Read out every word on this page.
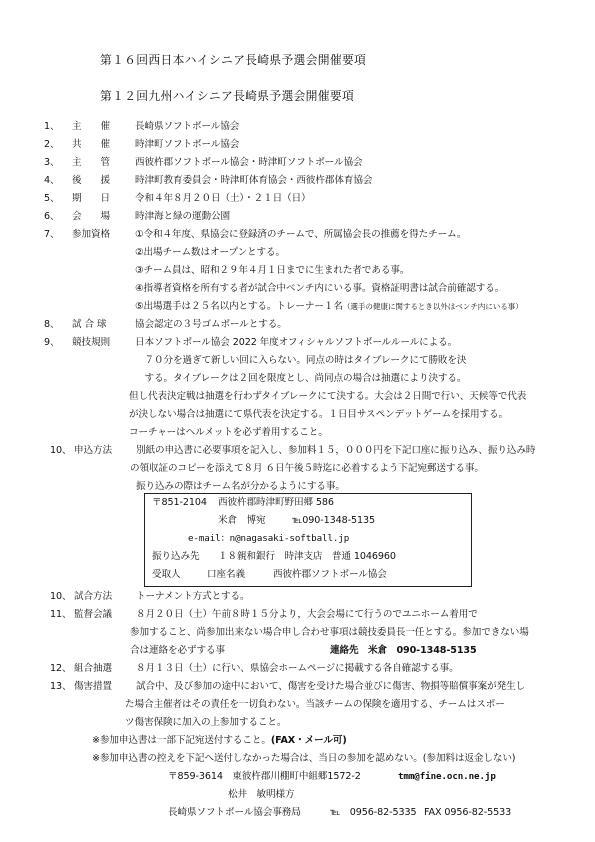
第１６回西日本ハイシニア長崎県予選会開催要項
第１２回九州ハイシニア長崎県予選会開催要項
1、 主　　催	長崎県ソフトボール協会
2、 共　　催	時津町ソフトボール協会
3、 主　　管	西彼杵郡ソフトボール協会・時津町ソフトボール協会
4、 後　　援	時津町教育委員会・時津町体育協会・西彼杵郡体育協会
5、 期　　日	令和４年８月２０日（土）・２１日（日）
6、 会　　場	時津海と緑の運動公園
7、 参加資格	①令和４年度、県協会に登録済のチームで、所属協会長の推薦を得たチーム。
②出場チーム数はオープンとする。
③チーム員は、昭和２９年４月１日までに生まれた者である事。
④指導者資格を所有する者が試合中ベンチ内にいる事。資格証明書は試合前確認する。
⑤出場選手は２５名以内とする。トレーナー１名（選手の健康に関するとき以外はベンチ内にいる事）
8、 試 合 球	協会認定の３号ゴムボールとする。
9、 競技規則	日本ソフトボール協会 2022 年度オフィシャルソフトボールルールによる。
　７０分を過ぎて新しい回に入らない。同点の時はタイブレークにて勝敗を決
　する。タイブレークは２回を限度とし、尚同点の場合は抽選により決する。
但し代表決定戦は抽選を行わずタイブレークにて決する。大会は２日間で行い、天候等で代表
が決しない場合は抽選にて県代表を決定する。１日目サスペンデットゲームを採用する。
コーチャーはヘルメットを必ず着用すること。
10、 申込方法	別紙の申込書に必要事項を記入し、参加料１５，０００円を下記口座に振り込み、振り込み時
の領収証のコピーを添えて８月 ６日午後５時迄に必着するよう下記宛郵送する事。
振り込みの際はチーム名が分かるようにする事。
〒851-2104 西彼杵郡時津町野田郷 586
米倉　博宛	℡090-1348-5135
e-mail：n@nagasaki-softball.jp
振り込み先 １８親和銀行　時津支店　普通 1046960
受取人	口座名義	西彼杵郡ソフトボール協会
10、 試合方法	トーナメント方式とする。
11、 監督会議	８月２０日（土）午前８時１５分より，大会会場にて行うのでユニホーム着用で
参加すること、尚参加出来ない場合申し合わせ事項は競技委員長一任とする。参加できない場
合は連絡を必ずする事	連絡先　米倉　090-1348-5135
12、 組合抽選	８月１３日（土）に行い、県協会ホームページに掲載する各自確認する事。
13、 傷害措置	試合中、及び参加の途中において、傷害を受けた場合並びに傷害、物損等賠償事案が発生し
た場合主催者はその責任を一切負わない。当該チームの保険を適用する、チームはスポー
ツ傷害保険に加入の上参加すること。
※参加申込書は一部下記宛送付すること。(FAX・メール可)
※参加申込書の控えを下記へ送付しなかった場合は、当日の参加を認めない。(参加料は返金しない)
〒859-3614　東彼杵郡川棚町中組郷1572-2	tmm@fine.ocn.ne.jp
松井　敏明様方
長崎県ソフトボール協会事務局	℡　0956-82-5335 FAX 0956-82-5533
